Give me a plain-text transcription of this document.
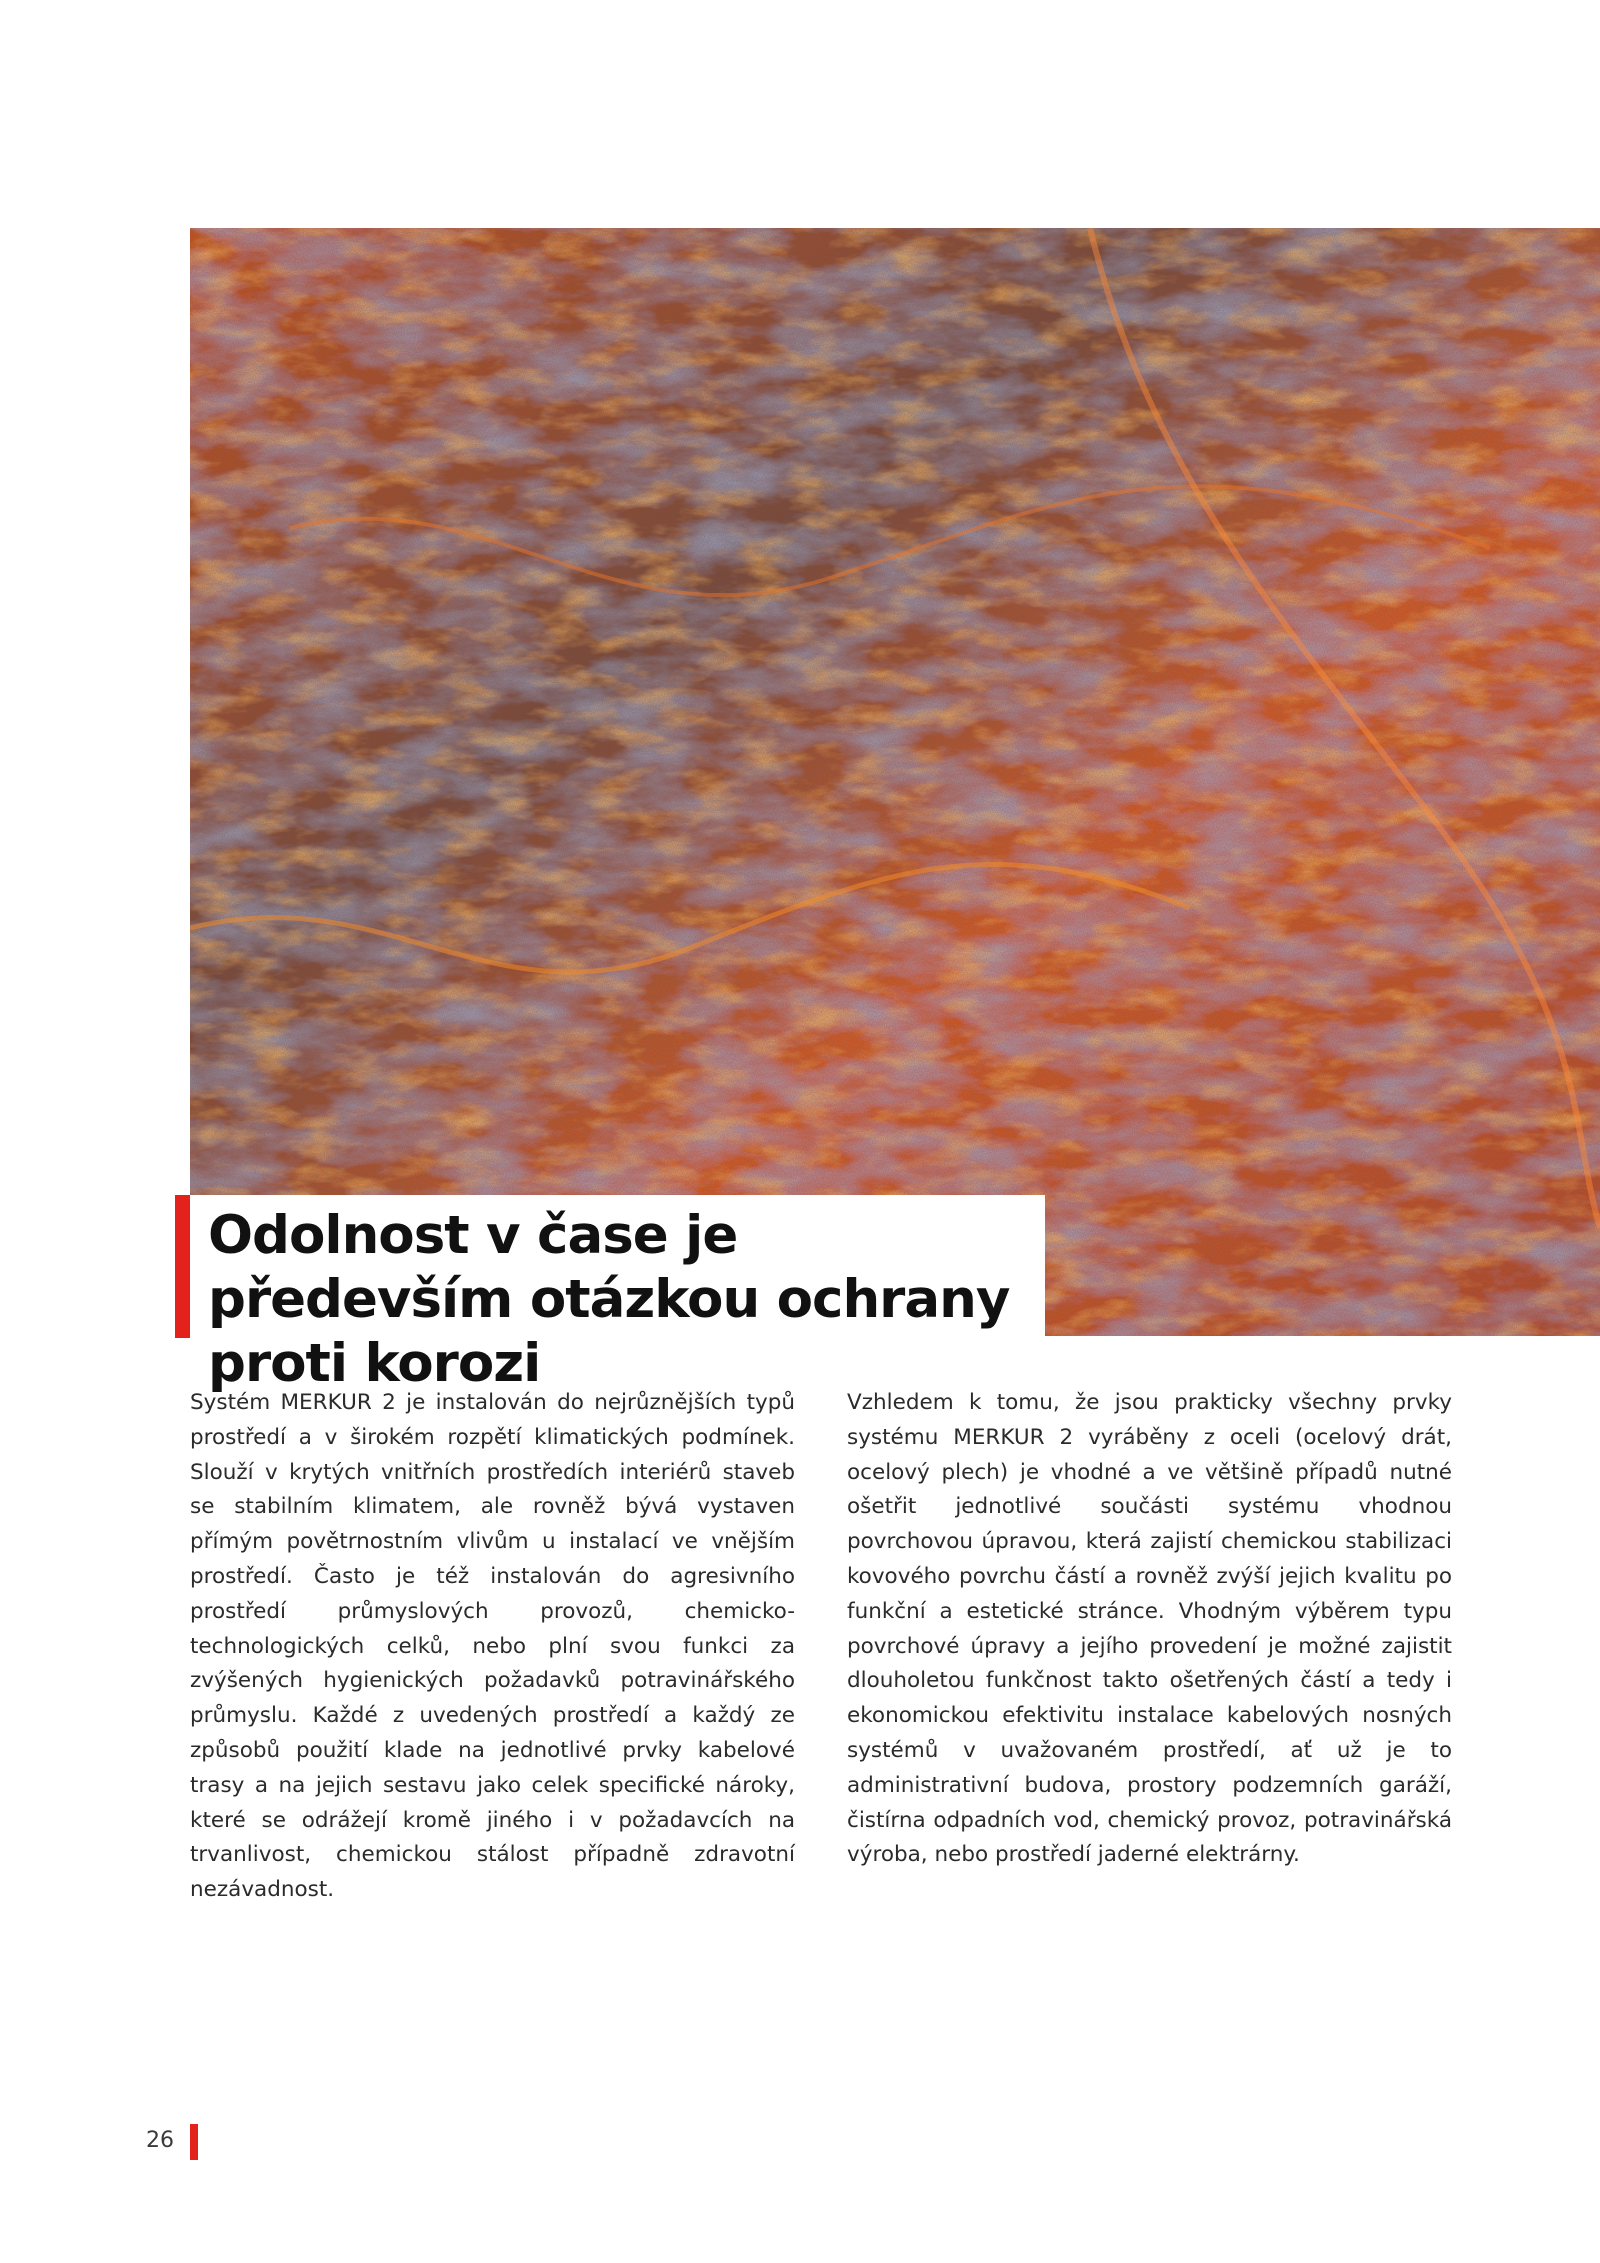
Odolnost v čase je především otázkou ochrany proti korozi

Systém MERKUR 2 je instalován do nejrůznějších typů prostředí a v širokém rozpětí klimatických podmínek. Slouží v krytých vnitřních prostředích interiérů staveb se stabilním klimatem, ale rovněž bývá vystaven přímým povětrnostním vlivům u instalací ve vnějším prostředí. Často je též instalován do agresivního prostředí průmyslových provozů, chemicko-technologických celků, nebo plní svou funkci za zvýšených hygienických požadavků potravinářského průmyslu. Každé z uvedených prostředí a každý ze způsobů použití klade na jednotlivé prvky kabelové trasy a na jejich sestavu jako celek specifické nároky, které se odrážejí kromě jiného i v požadavcích na trvanlivost, chemickou stálost případně zdravotní nezávadnost.

Vzhledem k tomu, že jsou prakticky všechny prvky systému MERKUR 2 vyráběny z oceli (ocelový drát, ocelový plech) je vhodné a ve většině případů nutné ošetřit jednotlivé součásti systému vhodnou povrchovou úpravou, která zajistí chemickou stabilizaci kovového povrchu částí a rovněž zvýší jejich kvalitu po funkční a estetické stránce. Vhodným výběrem typu povrchové úpravy a jejího provedení je možné zajistit dlouholetou funkčnost takto ošetřených částí a tedy i ekonomickou efektivitu instalace kabelových nosných systémů v uvažovaném prostředí, ať už je to administrativní budova, prostory podzemních garáží, čistírna odpadních vod, chemický provoz, potravinářská výroba, nebo prostředí jaderné elektrárny.

26
